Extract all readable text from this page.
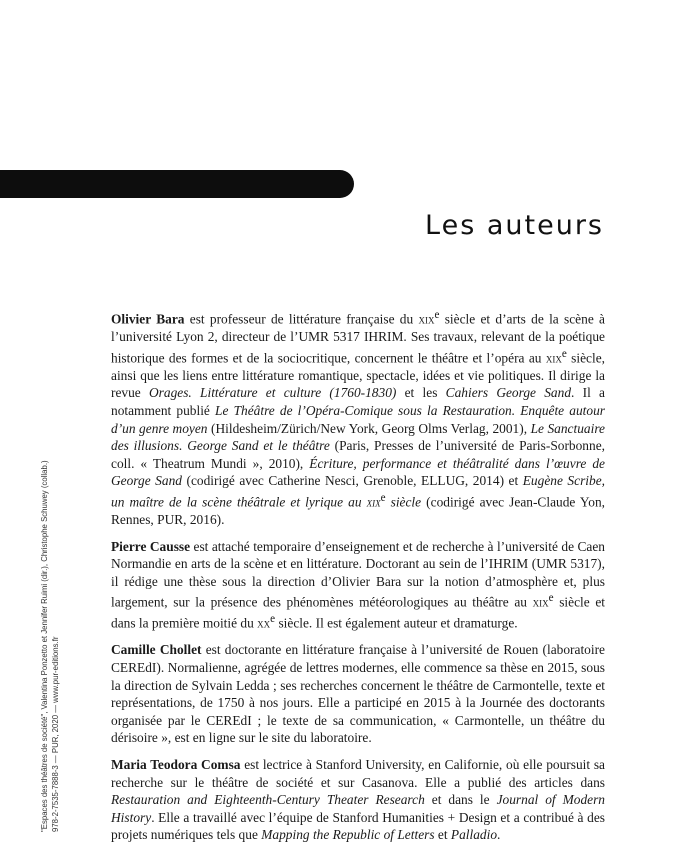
Les auteurs
"Espaces des théâtres de société", Valentina Ponzetto et Jennifer Ruimi (dir.), Christophe Schuwey (collab.) 978-2-7535-7888-3 — PUR, 2020 — www.pur-editions.fr

Olivier Bara est professeur de littérature française du xix$^e$ siècle et d’arts de la scène à l’université Lyon 2, directeur de l’UMR 5317 IHRIM. Ses travaux, relevant de la poétique historique des formes et de la sociocritique, concernent le théâtre et l’opéra au xix$^e$ siècle, ainsi que les liens entre littérature romantique, spectacle, idées et vie politiques. Il dirige la revue Orages. Littérature et culture (1760-1830) et les Cahiers George Sand. Il a notamment publié Le Théâtre de l’Opéra-Comique sous la Restauration. Enquête autour d’un genre moyen (Hildesheim/Zürich/New York, Georg Olms Verlag, 2001), Le Sanctuaire des illusions. George Sand et le théâtre (Paris, Presses de l’université de Paris-Sorbonne, coll. « Theatrum Mundi », 2010), Écriture, performance et théâtralité dans l’œuvre de George Sand (codirigé avec Catherine Nesci, Grenoble, ELLUG, 2014) et Eugène Scribe, un maître de la scène théâtrale et lyrique au xix$^e$ siècle (codirigé avec Jean-Claude Yon, Rennes, PUR, 2016).

Pierre Causse est attaché temporaire d’enseignement et de recherche à l’université de Caen Normandie en arts de la scène et en littérature. Doctorant au sein de l’IHRIM (UMR 5317), il rédige une thèse sous la direction d’Olivier Bara sur la notion d’atmosphère et, plus largement, sur la présence des phénomènes météorologiques au théâtre au xix$^e$ siècle et dans la première moitié du $xx^e$ siècle. Il est également auteur et dramaturge.

Camille Chollet est doctorante en littérature française à l’université de Rouen (laboratoire CEREdI). Normalienne, agrégée de lettres modernes, elle commence sa thèse en 2015, sous la direction de Sylvain Ledda ; ses recherches concernent le théâtre de Carmontelle, texte et représentations, de 1750 à nos jours. Elle a participé en 2015 à la Journée des doctorants organisée par le CEREdI ; le texte de sa communication, « Carmontelle, un théâtre du dérisoire », est en ligne sur le site du laboratoire.

Maria Teodora Comsa est lectrice à Stanford University, en Californie, où elle poursuit sa recherche sur le théâtre de société et sur Casanova. Elle a publié des articles dans Restauration and Eighteenth-Century Theater Research et dans le Journal of Modern History. Elle a travaillé avec l’équipe de Stanford Humanities + Design et a contribué à des projets numériques tels que Mapping the Republic of Letters et Palladio.
